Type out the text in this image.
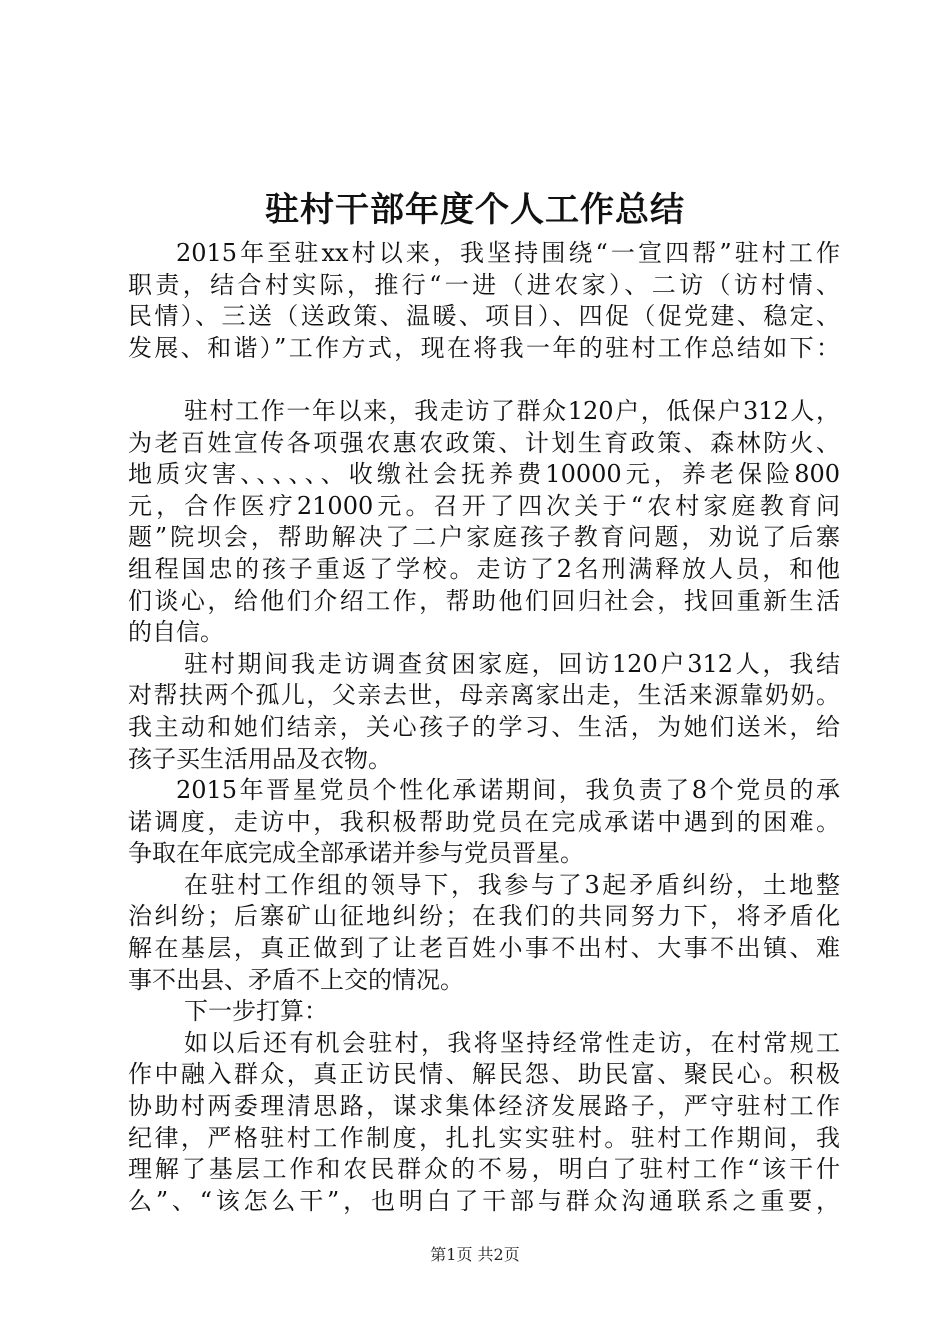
驻村干部年度个人工作总结
2015年至驻xx村以来，我坚持围绕“一宣四帮”驻村工作
职责，结合村实际，推行“一进（进农家）、二访（访村情、
民情）、三送（送政策、温暖、项目）、四促（促党建、稳定、
发展、和谐）”工作方式，现在将我一年的驻村工作总结如下：
驻村工作一年以来，我走访了群众120户，低保户312人，
为老百姓宣传各项强农惠农政策、计划生育政策、森林防火、
地质灾害、、、、、、收缴社会抚养费10000元，养老保险800
元，合作医疗21000元。召开了四次关于“农村家庭教育问
题”院坝会，帮助解决了二户家庭孩子教育问题，劝说了后寨
组程国忠的孩子重返了学校。走访了2名刑满释放人员，和他
们谈心，给他们介绍工作，帮助他们回归社会，找回重新生活
的自信。
驻村期间我走访调查贫困家庭，回访120户312人，我结
对帮扶两个孤儿，父亲去世，母亲离家出走，生活来源靠奶奶。
我主动和她们结亲，关心孩子的学习、生活，为她们送米，给
孩子买生活用品及衣物。
2015年晋星党员个性化承诺期间，我负责了8个党员的承
诺调度，走访中，我积极帮助党员在完成承诺中遇到的困难。
争取在年底完成全部承诺并参与党员晋星。
在驻村工作组的领导下，我参与了3起矛盾纠纷，土地整
治纠纷；后寨矿山征地纠纷；在我们的共同努力下，将矛盾化
解在基层，真正做到了让老百姓小事不出村、大事不出镇、难
事不出县、矛盾不上交的情况。
下一步打算：
如以后还有机会驻村，我将坚持经常性走访，在村常规工
作中融入群众，真正访民情、解民怨、助民富、聚民心。积极
协助村两委理清思路，谋求集体经济发展路子，严守驻村工作
纪律，严格驻村工作制度，扎扎实实驻村。驻村工作期间，我
理解了基层工作和农民群众的不易，明白了驻村工作“该干什
么”、“该怎么干”，也明白了干部与群众沟通联系之重要，
第1页 共2页
